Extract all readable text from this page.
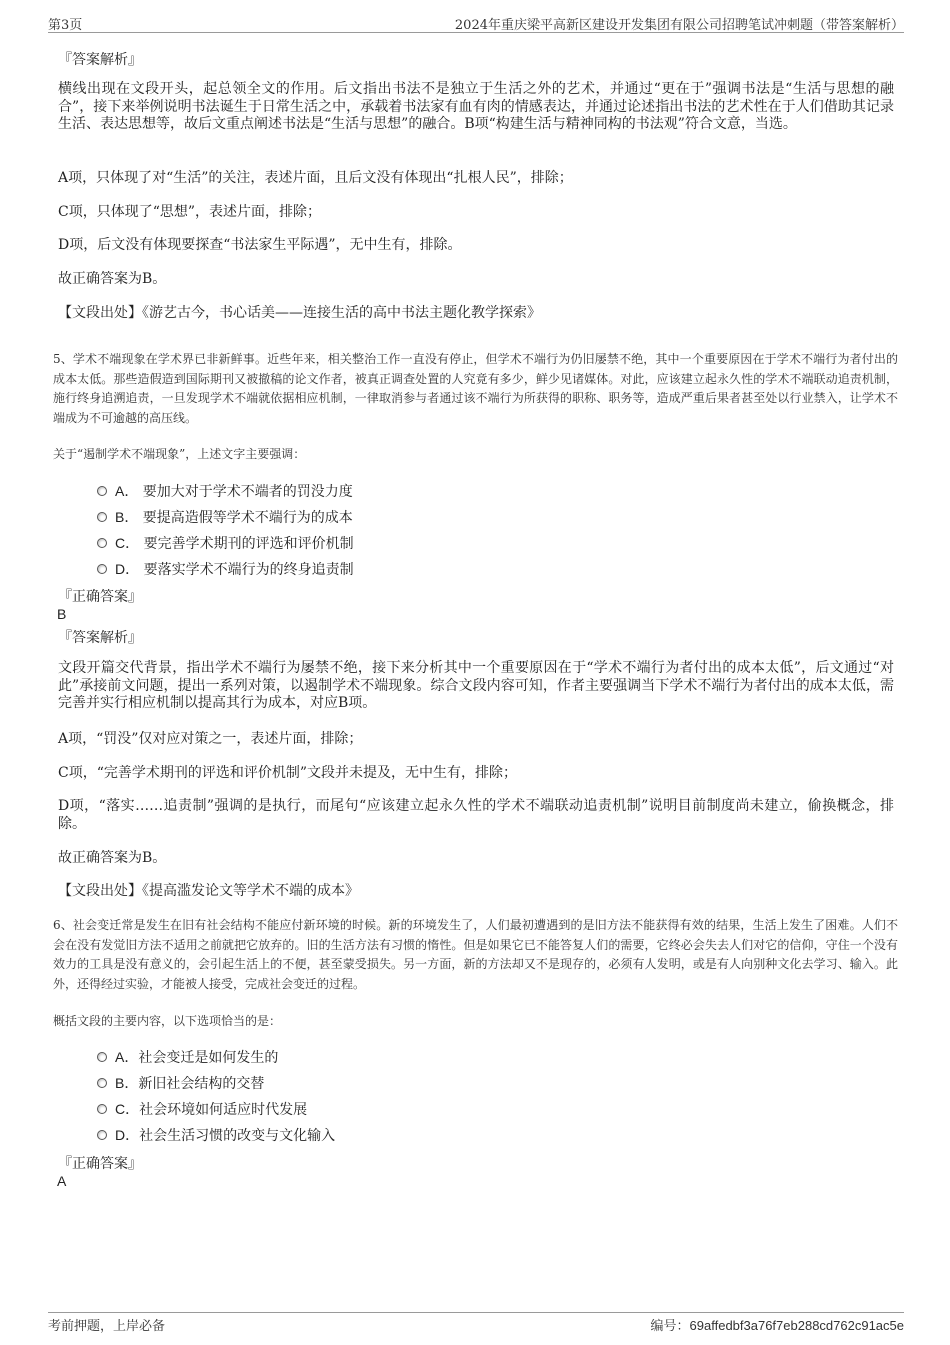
第3页	2024年重庆梁平高新区建设开发集团有限公司招聘笔试冲刺题（带答案解析）
『答案解析』
横线出现在文段开头，起总领全文的作用。后文指出书法不是独立于生活之外的艺术，并通过“更在于”强调书法是“生活与思想的融合”，接下来举例说明书法诞生于日常生活之中，承载着书法家有血有肉的情感表达，并通过论述指出书法的艺术性在于人们借助其记录生活、表达思想等，故后文重点阐述书法是“生活与思想”的融合。B项“构建生活与精神同构的书法观”符合文意，当选。
A项，只体现了对“生活”的关注，表述片面，且后文没有体现出“扎根人民”，排除；
C项，只体现了“思想”，表述片面，排除；
D项，后文没有体现要探查“书法家生平际遇”，无中生有，排除。
故正确答案为B。
【文段出处】《游艺古今，书心话美——连接生活的高中书法主题化教学探索》
5、学术不端现象在学术界已非新鲜事。近些年来，相关整治工作一直没有停止，但学术不端行为仍旧屡禁不绝，其中一个重要原因在于学术不端行为者付出的成本太低。那些造假造到国际期刊又被撤稿的论文作者，被真正调查处置的人究竟有多少，鲜少见诸媒体。对此，应该建立起永久性的学术不端联动追责机制，施行终身追溯追责，一旦发现学术不端就依据相应机制，一律取消参与者通过该不端行为所获得的职称、职务等，造成严重后果者甚至处以行业禁入，让学术不端成为不可逾越的高压线。
关于“遏制学术不端现象”，上述文字主要强调：
A． 要加大对于学术不端者的罚没力度
B． 要提高造假等学术不端行为的成本
C． 要完善学术期刊的评选和评价机制
D． 要落实学术不端行为的终身追责制
『正确答案』
B
『答案解析』
文段开篇交代背景，指出学术不端行为屡禁不绝，接下来分析其中一个重要原因在于“学术不端行为者付出的成本太低”，后文通过“对此”承接前文问题，提出一系列对策，以遏制学术不端现象。综合文段内容可知，作者主要强调当下学术不端行为者付出的成本太低，需完善并实行相应机制以提高其行为成本，对应B项。
A项，“罚没”仅对应对策之一，表述片面，排除；
C项，“完善学术期刊的评选和评价机制”文段并未提及，无中生有，排除；
D项，“落实……追责制”强调的是执行，而尾句“应该建立起永久性的学术不端联动追责机制”说明目前制度尚未建立，偷换概念，排除。
故正确答案为B。
【文段出处】《提高滥发论文等学术不端的成本》
6、社会变迁常是发生在旧有社会结构不能应付新环境的时候。新的环境发生了，人们最初遭遇到的是旧方法不能获得有效的结果，生活上发生了困难。人们不会在没有发觉旧方法不适用之前就把它放弃的。旧的生活方法有习惯的惰性。但是如果它已不能答复人们的需要，它终必会失去人们对它的信仰，守住一个没有效力的工具是没有意义的，会引起生活上的不便，甚至蒙受损失。另一方面，新的方法却又不是现存的，必须有人发明，或是有人向别种文化去学习、输入。此外，还得经过实验，才能被人接受，完成社会变迁的过程。
概括文段的主要内容，以下选项恰当的是：
A．社会变迁是如何发生的
B．新旧社会结构的交替
C．社会环境如何适应时代发展
D．社会生活习惯的改变与文化输入
『正确答案』
A
考前押题，上岸必备	编号：69affedbf3a76f7eb288cd762c91ac5e
